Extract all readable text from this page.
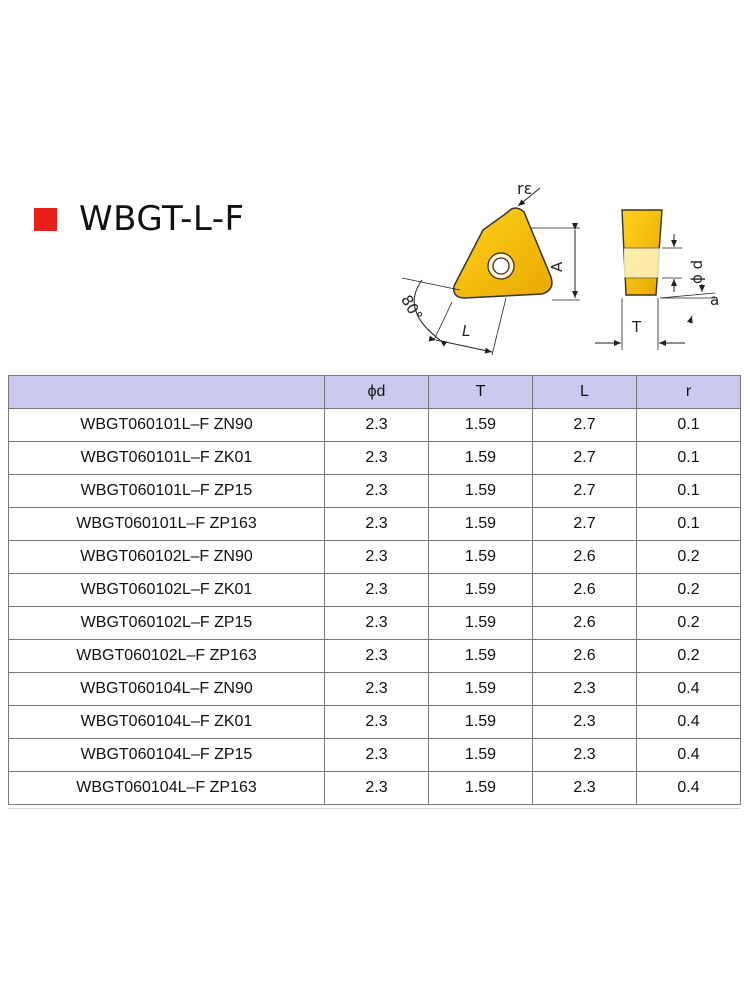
WBGT-L-F
rε
A
80°
L
ϕ d
a
T
	ϕd	T	L	r
WBGT060101L–F ZN90	2.3	1.59	2.7	0.1
WBGT060101L–F ZK01	2.3	1.59	2.7	0.1
WBGT060101L–F ZP15	2.3	1.59	2.7	0.1
WBGT060101L–F ZP163	2.3	1.59	2.7	0.1
WBGT060102L–F ZN90	2.3	1.59	2.6	0.2
WBGT060102L–F ZK01	2.3	1.59	2.6	0.2
WBGT060102L–F ZP15	2.3	1.59	2.6	0.2
WBGT060102L–F ZP163	2.3	1.59	2.6	0.2
WBGT060104L–F ZN90	2.3	1.59	2.3	0.4
WBGT060104L–F ZK01	2.3	1.59	2.3	0.4
WBGT060104L–F ZP15	2.3	1.59	2.3	0.4
WBGT060104L–F ZP163	2.3	1.59	2.3	0.4
